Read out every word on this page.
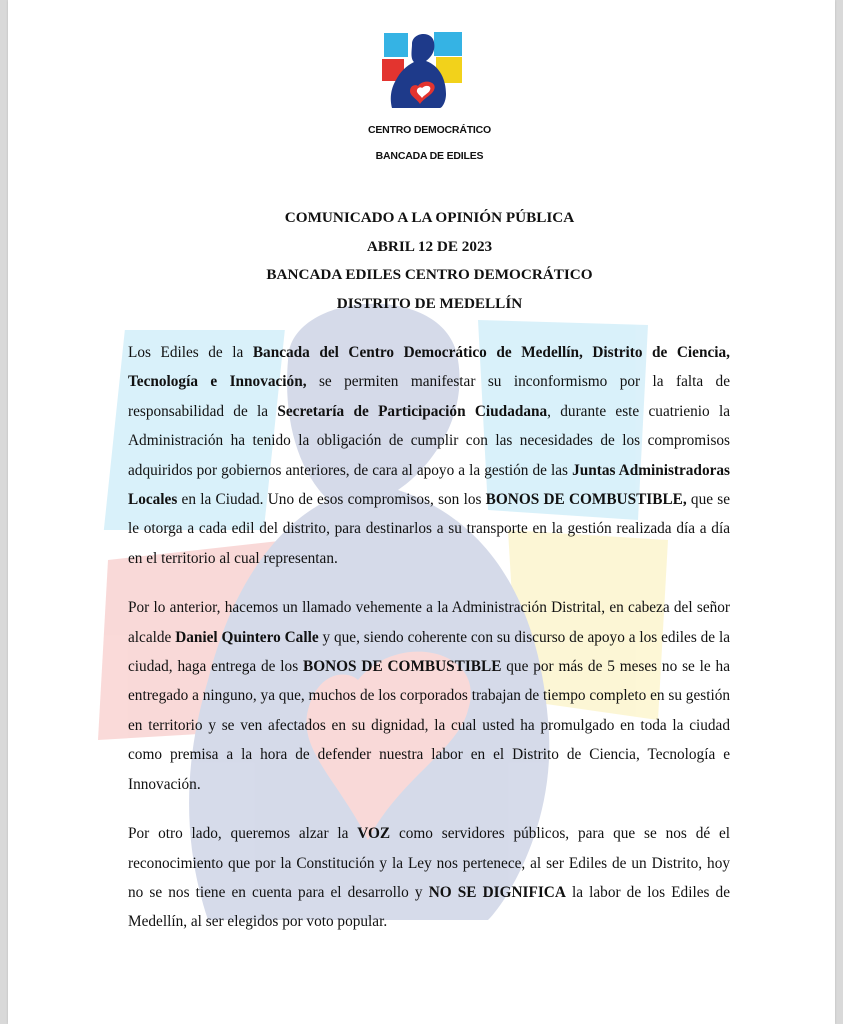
CENTRO DEMOCRÁTICO
BANCADA DE EDILES
COMUNICADO A LA OPINIÓN PÚBLICA
ABRIL 12 DE 2023
BANCADA EDILES CENTRO DEMOCRÁTICO
DISTRITO DE MEDELLÍN

Los Ediles de la Bancada del Centro Democrático de Medellín, Distrito de Ciencia, Tecnología e Innovación, se permiten manifestar su inconformismo por la falta de responsabilidad de la Secretaría de Participación Ciudadana, durante este cuatrienio la Administración ha tenido la obligación de cumplir con las necesidades de los compromisos adquiridos por gobiernos anteriores, de cara al apoyo a la gestión de las Juntas Administradoras Locales en la Ciudad. Uno de esos compromisos, son los BONOS DE COMBUSTIBLE, que se le otorga a cada edil del distrito, para destinarlos a su transporte en la gestión realizada día a día en el territorio al cual representan.

Por lo anterior, hacemos un llamado vehemente a la Administración Distrital, en cabeza del señor alcalde Daniel Quintero Calle y que, siendo coherente con su discurso de apoyo a los ediles de la ciudad, haga entrega de los BONOS DE COMBUSTIBLE que por más de 5 meses no se le ha entregado a ninguno, ya que, muchos de los corporados trabajan de tiempo completo en su gestión en territorio y se ven afectados en su dignidad, la cual usted ha promulgado en toda la ciudad como premisa a la hora de defender nuestra labor en el Distrito de Ciencia, Tecnología e Innovación.

Por otro lado, queremos alzar la VOZ como servidores públicos, para que se nos dé el reconocimiento que por la Constitución y la Ley nos pertenece, al ser Ediles de un Distrito, hoy no se nos tiene en cuenta para el desarrollo y NO SE DIGNIFICA la labor de los Ediles de Medellín, al ser elegidos por voto popular.
